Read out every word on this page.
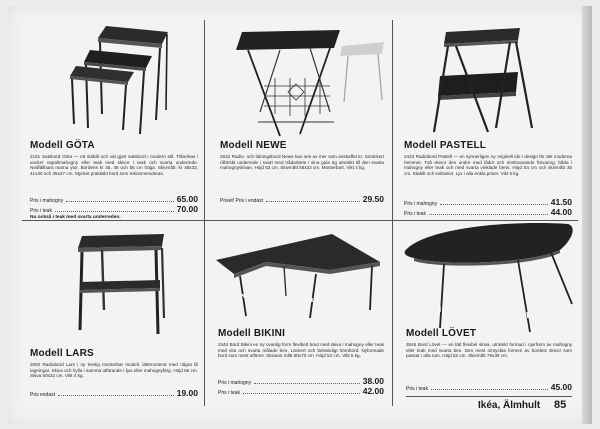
Modell GÖTA
2181 Satsbord Göta — ett stabilt och väl gjort satsbord i modern stil. Tillverkas i vacker napolimahogny eller teak med skivor i teak och svarta underrede. Nedfällbara marna ytor. Bordens kr 45, 48 och 55 cm höga. Skivmått: kr 48x33, 41x30 och 35x27 cm. Mycket praktiskt bord som rekommenderas.
Pris i mahogny	65.00
Pris i teak	70.00
Nu också i teak med svarta underreden.
Modell NEWE
2642 Radio- och tidningsbord Newe kan ses av mer som anskaffat kr. Smäckert råfärskt underrede i svart med trådarbete i sina gula ög utmärkt till den svarta mahognyskivan. Höjd 53 cm. Skivmått 56x33 cm. Monterbart. Vikt 4 kg.
Priset! Pris i endast	29.50
Modell PASTELL
2443 Radiobord Pastell — en synnerligen ny originell ide i design för det moderna hemmet. Två skivor den undre med lådor och mottsvarande förvaring, båda i mahogny eller teak och med svarta vinklade bens. Höjd 54 cm och skivmått 35 cm. Stabilt och exklusivt. Lyx i alla enkla priser. Vikt 5 kg.
Pris i mahogny	41.50
Pris i teak	44.00
Modell LARS
2082 Radiobord Lars i ny trevlig monterbar modell, lättmonterat med några få tagningar. Skiva och hylla i samma utförande i ljus eller mahognyfärg. Höjd 56 cm. Skiva 50x32 cm. Vikt 4 kg.
Pris endast	19.00
Modell BIKINI
2444 Bord Bikini en ny ovanlig form flexibelt bord med skiva i mahogny eller teak med vita och svarta målade ben. Läckert och behändigt hörnbord. Nyformade bord som mest utföres. Skivans mått 80x70 cm. Höjd 52 cm. Vikt 5 kg.
Pris i mahogny	38.00
Pris i teak	42.00
Modell LÖVET
3545 Bord Lövet — en lätt flexibel skiva, utmärkt formad i njurform av mahogny eller teak med svarta ben. Den mest omtyckta formen av bordets skivor som passar i alla rum. Höjd 52 cm. Skivmått 79x39 cm.
Pris i teak	45.00
Ikéa, Älmhult 85
